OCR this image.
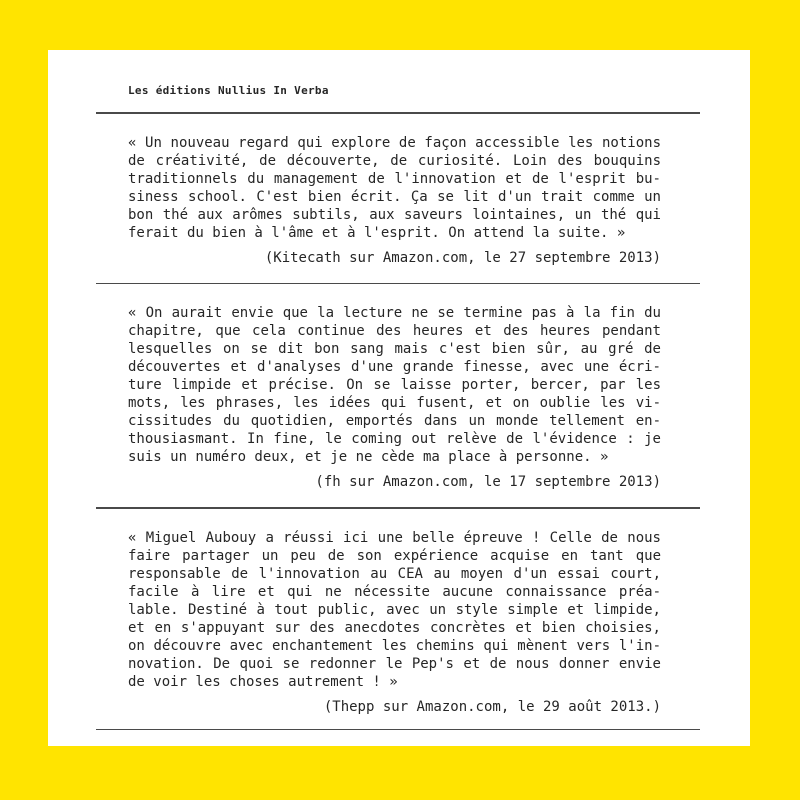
Les éditions Nullius In Verba
« Un nouveau regard qui explore de façon accessible les notions
de créativité, de découverte, de curiosité. Loin des bouquins
traditionnels du management de l'innovation et de l'esprit bu-
siness school. C'est bien écrit. Ça se lit d'un trait comme un
bon thé aux arômes subtils, aux saveurs lointaines, un thé qui
ferait du bien à l'âme et à l'esprit. On attend la suite. »
(Kitecath sur Amazon.com, le 27 septembre 2013)
« On aurait envie que la lecture ne se termine pas à la fin du
chapitre, que cela continue des heures et des heures pendant
lesquelles on se dit bon sang mais c'est bien sûr, au gré de
découvertes et d'analyses d'une grande finesse, avec une écri-
ture limpide et précise. On se laisse porter, bercer, par les
mots, les phrases, les idées qui fusent, et on oublie les vi-
cissitudes du quotidien, emportés dans un monde tellement en-
thousiasmant. In fine, le coming out relève de l'évidence : je
suis un numéro deux, et je ne cède ma place à personne. »
(fh sur Amazon.com, le 17 septembre 2013)
« Miguel Aubouy a réussi ici une belle épreuve ! Celle de nous
faire partager un peu de son expérience acquise en tant que
responsable de l'innovation au CEA au moyen d'un essai court,
facile à lire et qui ne nécessite aucune connaissance préa-
lable. Destiné à tout public, avec un style simple et limpide,
et en s'appuyant sur des anecdotes concrètes et bien choisies,
on découvre avec enchantement les chemins qui mènent vers l'in-
novation. De quoi se redonner le Pep's et de nous donner envie
de voir les choses autrement ! »
(Thepp sur Amazon.com, le 29 août 2013.)
